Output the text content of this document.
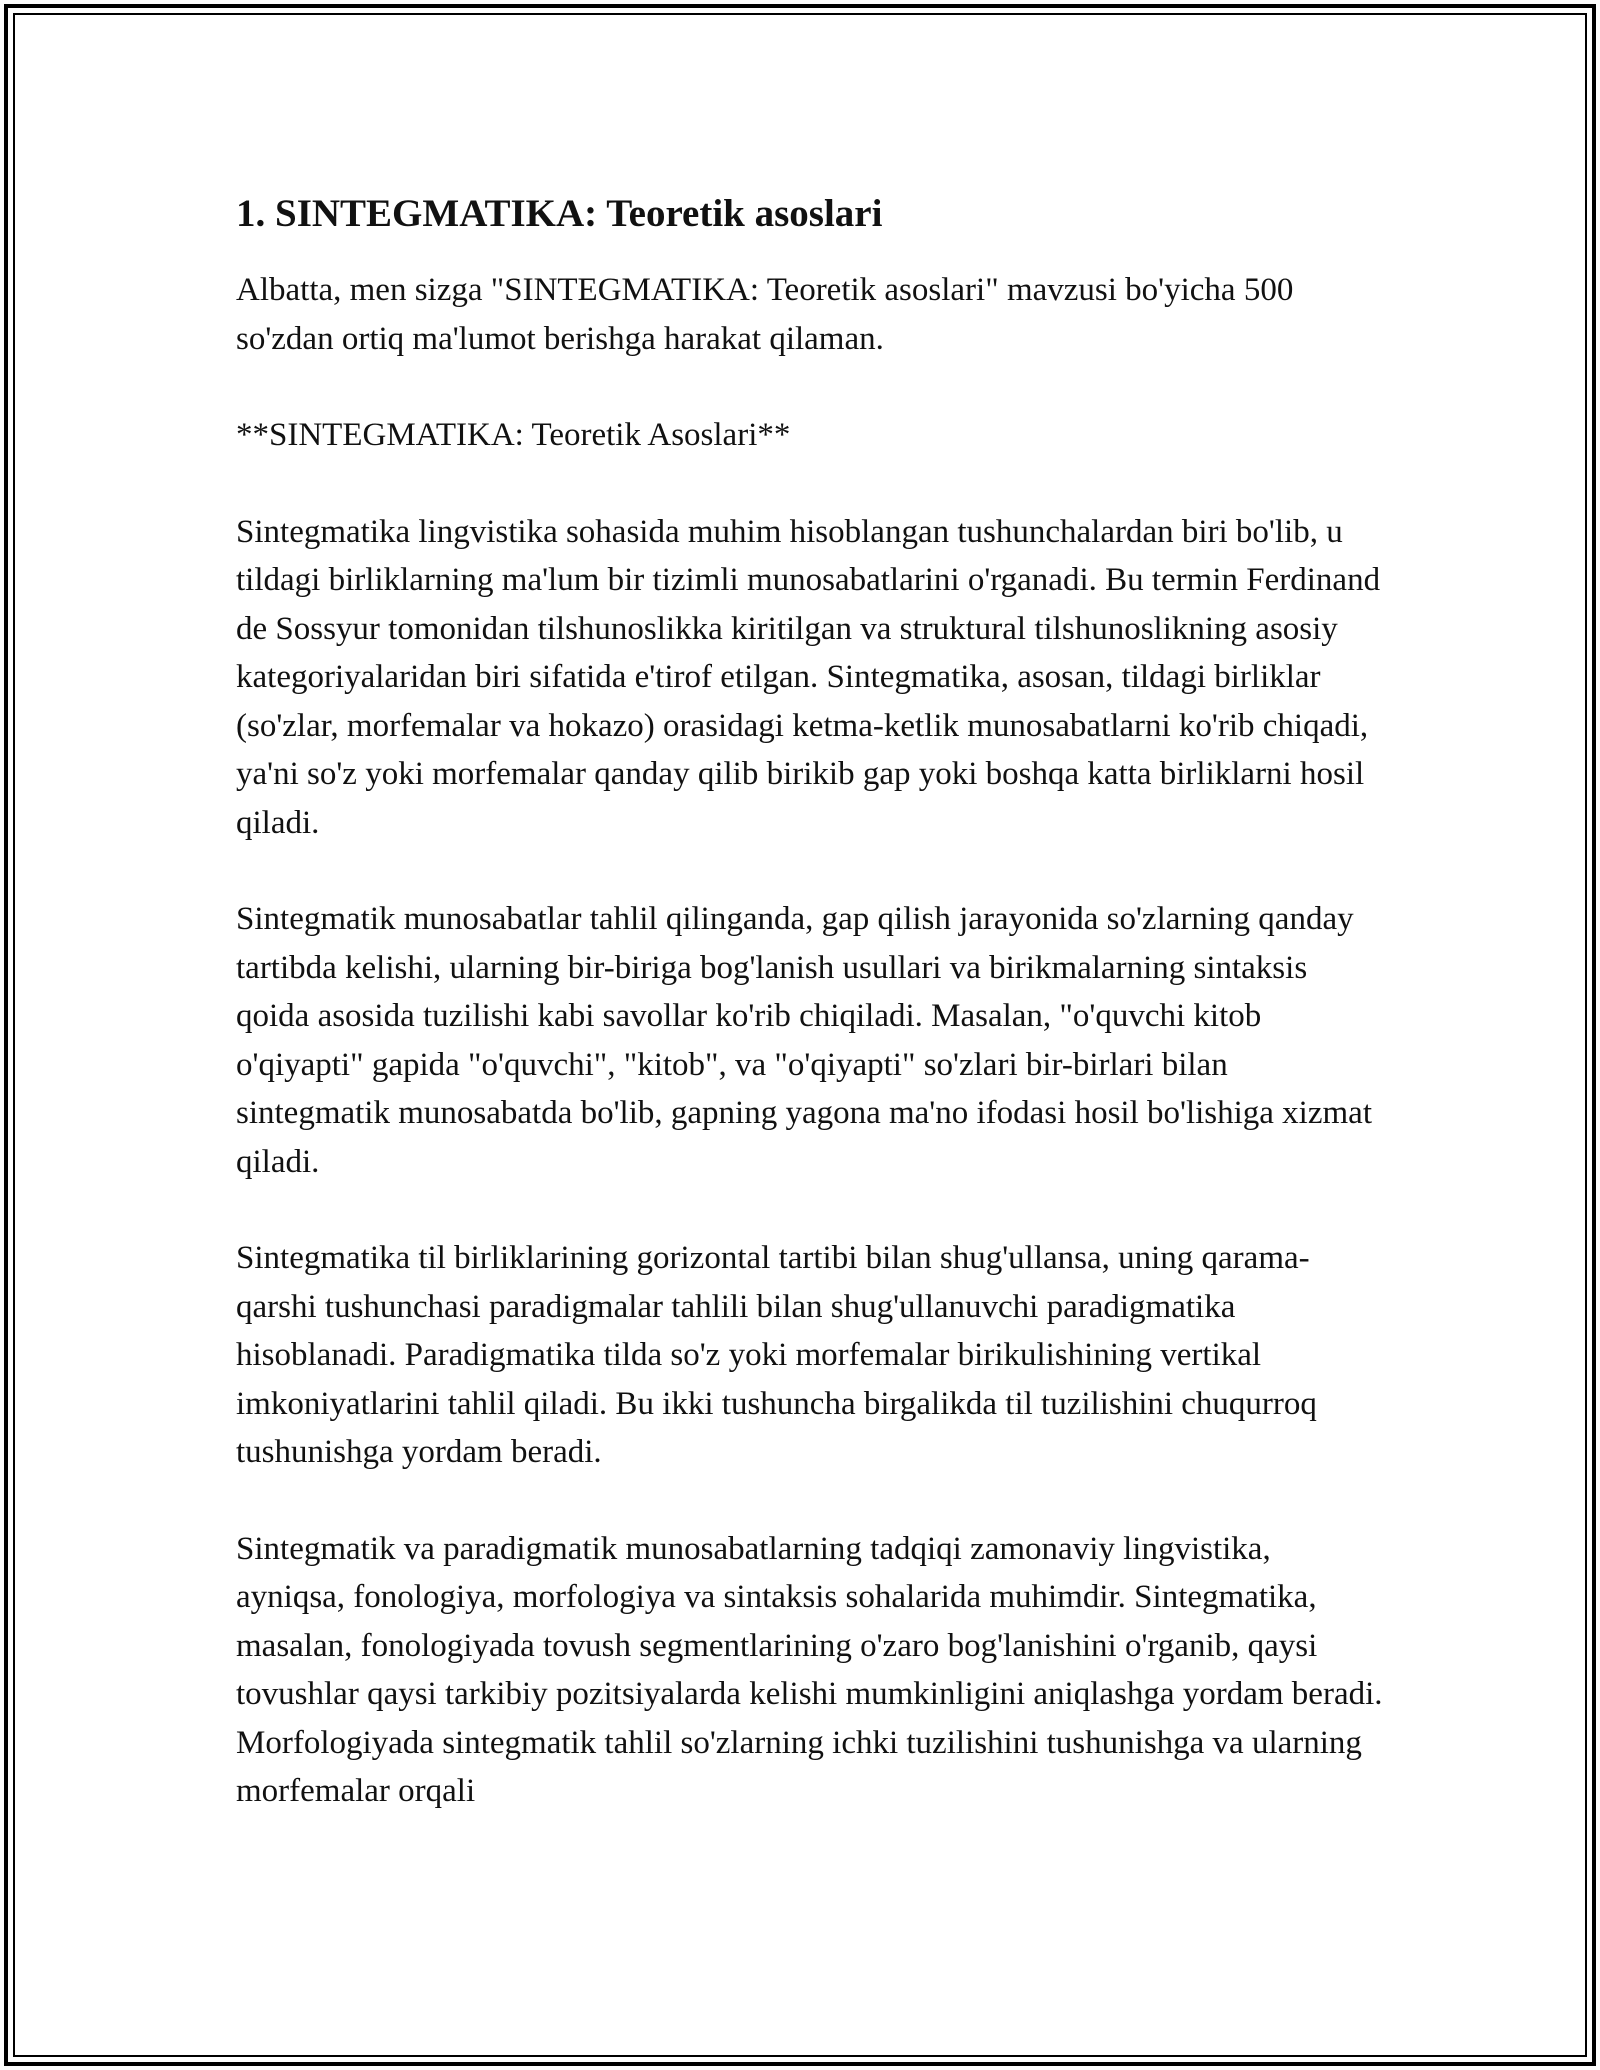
1. SINTEGMATIKA: Teoretik asoslari

Albatta, men sizga "SINTEGMATIKA: Teoretik asoslari" mavzusi bo'yicha 500 so'zdan ortiq ma'lumot berishga harakat qilaman.

**SINTEGMATIKA: Teoretik Asoslari**

Sintegmatika lingvistika sohasida muhim hisoblangan tushunchalardan biri bo'lib, u tildagi birliklarning ma'lum bir tizimli munosabatlarini o'rganadi. Bu termin Ferdinand de Sossyur tomonidan tilshunoslikka kiritilgan va struktural tilshunoslikning asosiy kategoriyalaridan biri sifatida e'tirof etilgan. Sintegmatika, asosan, tildagi birliklar (so'zlar, morfemalar va hokazo) orasidagi ketma-ketlik munosabatlarni ko'rib chiqadi, ya'ni so'z yoki morfemalar qanday qilib birikib gap yoki boshqa katta birliklarni hosil qiladi.

Sintegmatik munosabatlar tahlil qilinganda, gap qilish jarayonida so'zlarning qanday tartibda kelishi, ularning bir-biriga bog'lanish usullari va birikmalarning sintaksis qoida asosida tuzilishi kabi savollar ko'rib chiqiladi. Masalan, "o'quvchi kitob o'qiyapti" gapida "o'quvchi", "kitob", va "o'qiyapti" so'zlari bir-birlari bilan sintegmatik munosabatda bo'lib, gapning yagona ma'no ifodasi hosil bo'lishiga xizmat qiladi.

Sintegmatika til birliklarining gorizontal tartibi bilan shug'ullansa, uning qarama-qarshi tushunchasi paradigmalar tahlili bilan shug'ullanuvchi paradigmatika hisoblanadi. Paradigmatika tilda so'z yoki morfemalar birikulishining vertikal imkoniyatlarini tahlil qiladi. Bu ikki tushuncha birgalikda til tuzilishini chuqurroq tushunishga yordam beradi.

Sintegmatik va paradigmatik munosabatlarning tadqiqi zamonaviy lingvistika, ayniqsa, fonologiya, morfologiya va sintaksis sohalarida muhimdir. Sintegmatika, masalan, fonologiyada tovush segmentlarining o'zaro bog'lanishini o'rganib, qaysi tovushlar qaysi tarkibiy pozitsiyalarda kelishi mumkinligini aniqlashga yordam beradi. Morfologiyada sintegmatik tahlil so'zlarning ichki tuzilishini tushunishga va ularning morfemalar orqali
